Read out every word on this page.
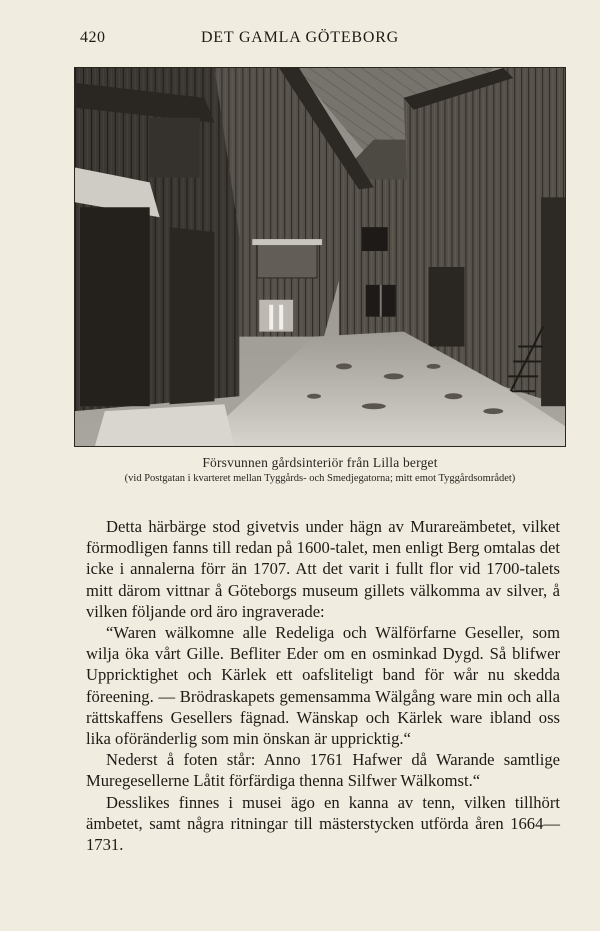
420	DET GAMLA GÖTEBORG
Försvunnen gårdsinteriör från Lilla berget
(vid Postgatan i kvarteret mellan Tyggårds- och Smedjegatorna; mitt emot Tyggårdsområdet)

Detta härbärge stod givetvis under hägn av Murareämbetet, vilket förmodligen fanns till redan på 1600-talet, men enligt Berg omtalas det icke i annalerna förr än 1707. Att det varit i fullt flor vid 1700-talets mitt därom vittnar å Göteborgs museum gillets välkomma av silver, å vilken följande ord äro ingraverade:

“Waren wälkomne alle Redeliga och Wälförfarne Geseller, som wilja öka vårt Gille. Befliter Eder om en osminkad Dygd. Så blifwer Uppricktighet och Kärlek ett oafsliteligt band för wår nu skedda föreening. — Brödraskapets gemensamma Wälgång ware min och alla rättskaffens Gesellers fägnad. Wänskap och Kärlek ware ibland oss lika oföränderlig som min önskan är uppricktig.“

Nederst å foten står: Anno 1761 Hafwer då Warande samtlige Muregesellerne Låtit förfärdiga thenna Silfwer Wälkomst.“

Desslikes finnes i musei ägo en kanna av tenn, vilken tillhört ämbetet, samt några ritningar till mästerstycken utförda åren 1664—1731.
